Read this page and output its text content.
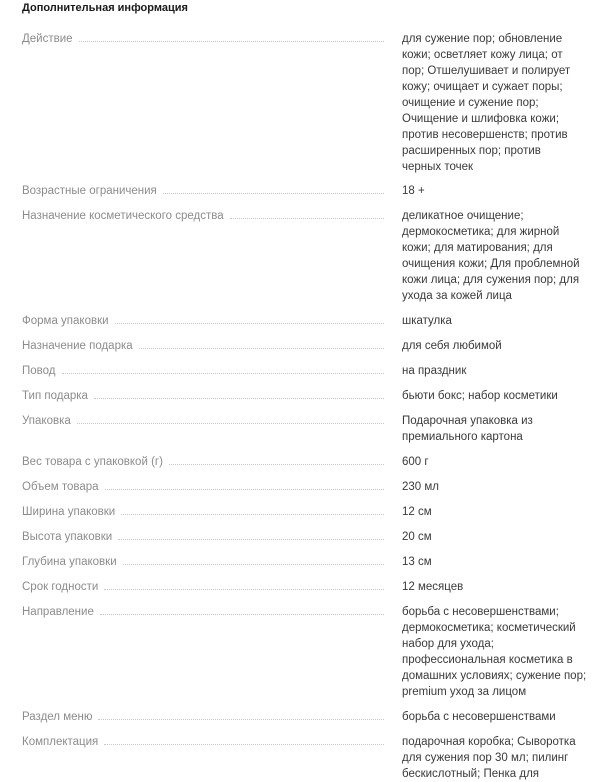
Дополнительная информация
Действие	для сужение пор; обновление
кожи; осветляет кожу лица; от
пор; Отшелушивает и полирует
кожу; очищает и сужает поры;
очищение и сужение пор;
Очищение и шлифовка кожи;
против несовершенств; против
расширенных пор; против
черных точек
Возрастные ограничения	18 +
Назначение косметического средства	деликатное очищение;
дермокосметика; для жирной
кожи; для матирования; для
очищения кожи; Для проблемной
кожи лица; для сужения пор; для
ухода за кожей лица
Форма упаковки	шкатулка
Назначение подарка	для себя любимой
Повод	на праздник
Тип подарка	бьюти бокс; набор косметики
Упаковка	Подарочная упаковка из
премиального картона
Вес товара с упаковкой (г)	600 г
Объем товара	230 мл
Ширина упаковки	12 см
Высота упаковки	20 см
Глубина упаковки	13 см
Срок годности	12 месяцев
Направление	борьба с несовершенствами;
дермокосметика; косметический
набор для ухода;
профессиональная косметика в
домашних условиях; сужение пор;
premium уход за лицом
Раздел меню	борьба с несовершенствами
Комплектация	подарочная коробка; Сыворотка
для сужения пор 30 мл; пилинг
бескислотный; Пенка для
